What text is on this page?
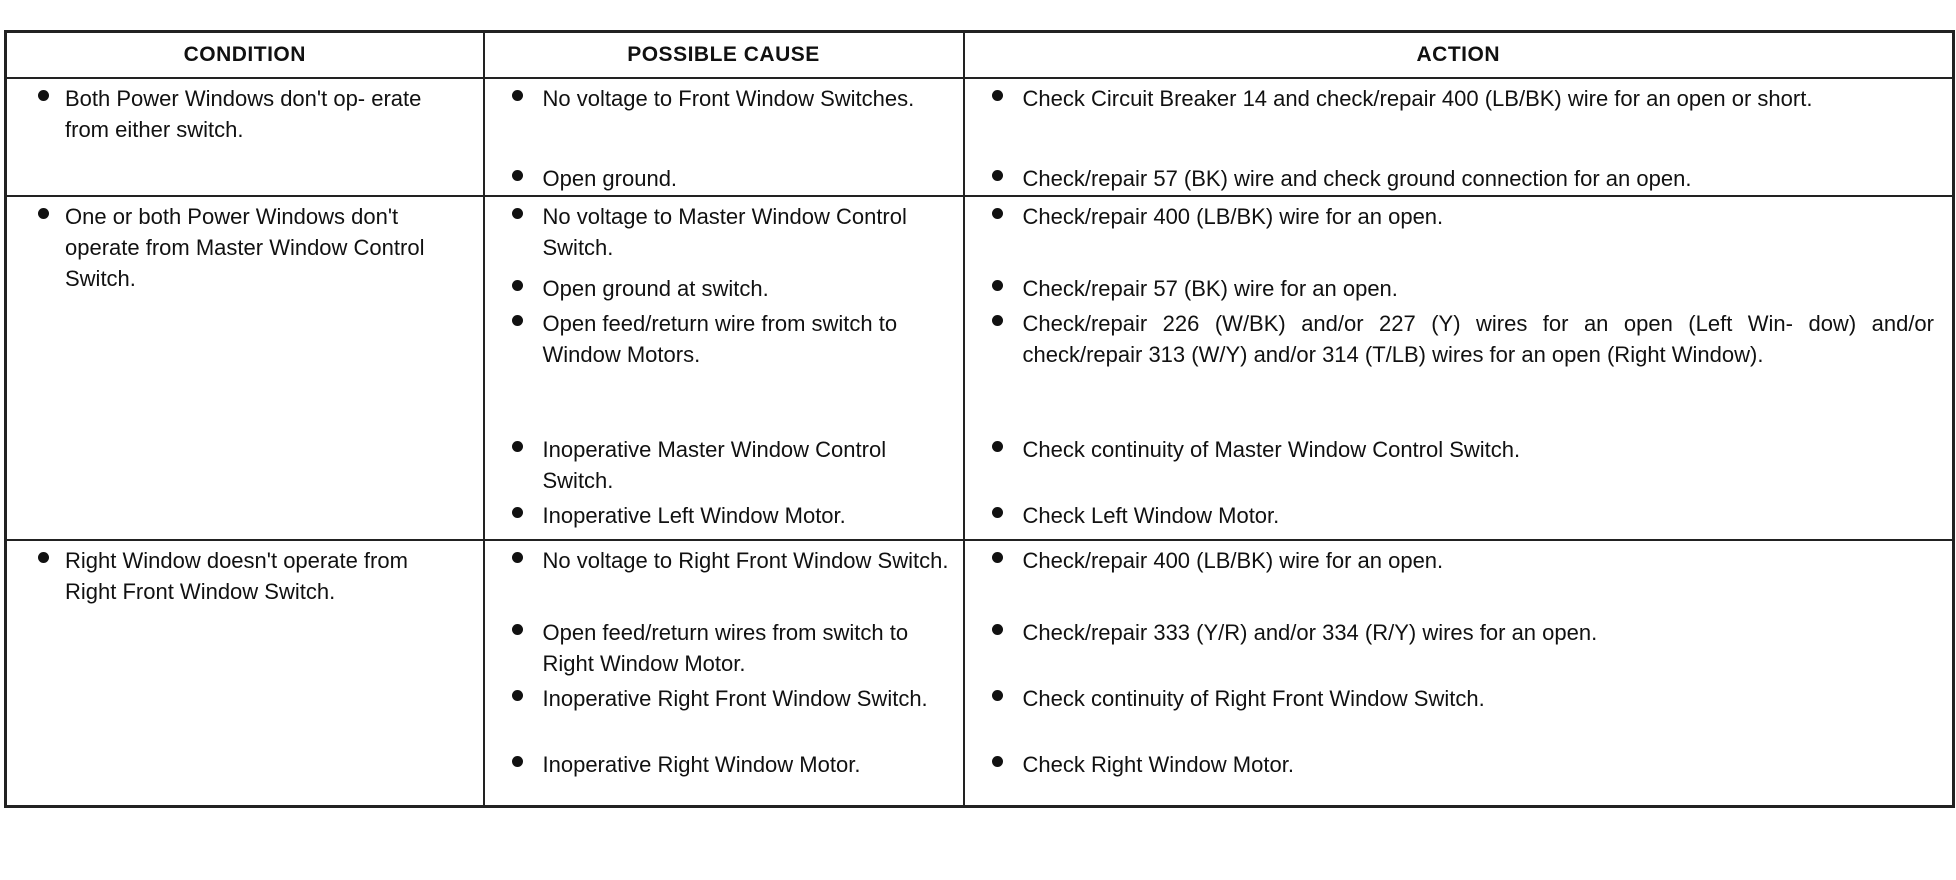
CONDITION	POSSIBLE CAUSE	ACTION

Both Power Windows don't op- erate from either switch.	No voltage to Front Window Switches.	Check Circuit Breaker 14 and check/repair 400 (LB/BK) wire for an open or short.

Open ground.	Check/repair 57 (BK) wire and check ground connection for an open.

One or both Power Windows don't operate from Master Window Control Switch.	No voltage to Master Window Control Switch.	Check/repair 400 (LB/BK) wire for an open.

Open ground at switch.	Check/repair 57 (BK) wire for an open.

Open feed/return wire from switch to Window Motors.	Check/repair 226 (W/BK) and/or 227 (Y) wires for an open (Left Win- dow) and/or check/repair 313 (W/Y) and/or 314 (T/LB) wires for an open (Right Window).

Inoperative Master Window Control Switch.	Check continuity of Master Window Control Switch.

Inoperative Left Window Motor.	Check Left Window Motor.

Right Window doesn't operate from Right Front Window Switch.	No voltage to Right Front Window Switch.	Check/repair 400 (LB/BK) wire for an open.

Open feed/return wires from switch to Right Window Motor.	Check/repair 333 (Y/R) and/or 334 (R/Y) wires for an open.

Inoperative Right Front Window Switch.	Check continuity of Right Front Window Switch.

Inoperative Right Window Motor.	Check Right Window Motor.
